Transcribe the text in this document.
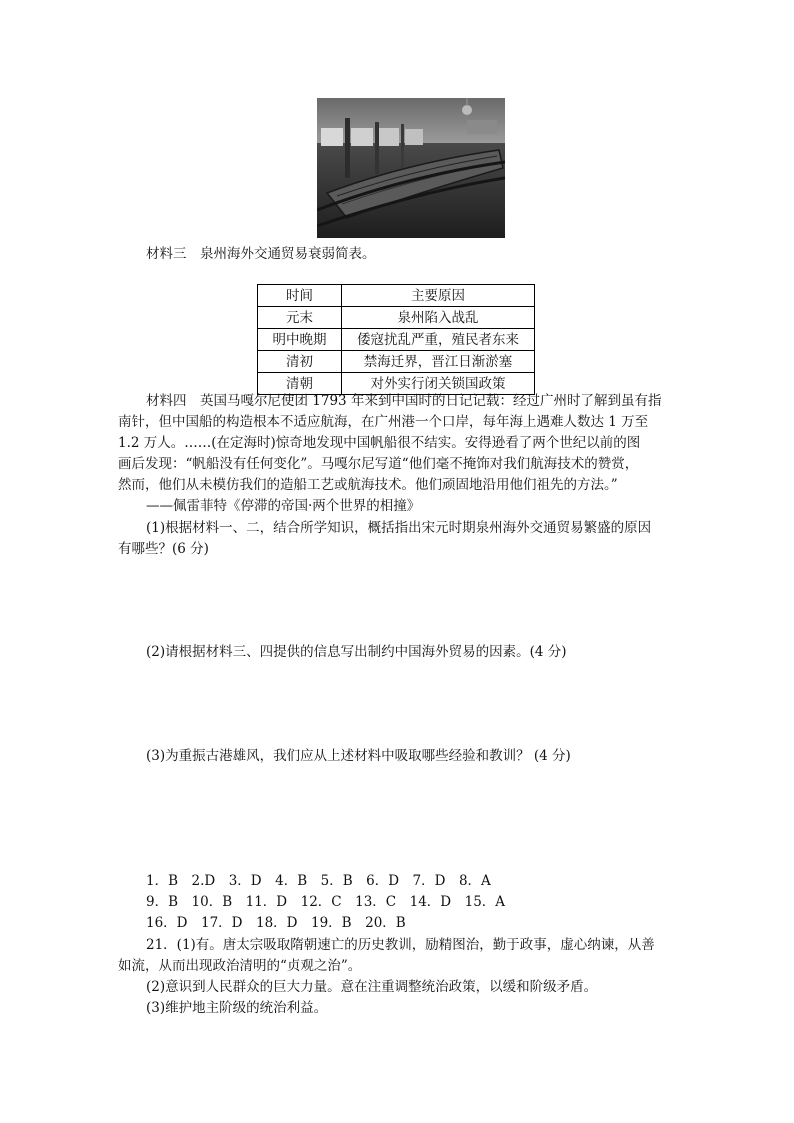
材料三　泉州海外交通贸易衰弱简表。
时间	主要原因
元末	泉州陷入战乱
明中晚期	倭寇扰乱严重，殖民者东来
清初	禁海迁界，晋江日渐淤塞
清朝	对外实行闭关锁国政策
材料四　英国马嘎尔尼使团 1793 年来到中国时的日记记载：经过广州时了解到虽有指
南针，但中国船的构造根本不适应航海，在广州港一个口岸，每年海上遇难人数达 1 万至
1.2 万人。……(在定海时)惊奇地发现中国帆船很不结实。安得逊看了两个世纪以前的图
画后发现：“帆船没有任何变化”。马嘎尔尼写道“他们毫不掩饰对我们航海技术的赞赏，
然而，他们从未模仿我们的造船工艺或航海技术。他们顽固地沿用他们祖先的方法。”
——佩雷菲特《停滞的帝国·两个世界的相撞》
(1)根据材料一、二，结合所学知识，概括指出宋元时期泉州海外交通贸易繁盛的原因
有哪些？(6 分)
(2)请根据材料三、四提供的信息写出制约中国海外贸易的因素。(4 分)
(3)为重振古港雄风，我们应从上述材料中吸取哪些经验和教训？ (4 分)
1．B　2.D　3．D　4．B　5．B　6．D　7．D　8．A
9．B　10．B　11．D　12．C　13．C　14．D　15．A
16．D　17．D　18．D　19．B　20．B
21．(1)有。唐太宗吸取隋朝速亡的历史教训，励精图治，勤于政事，虚心纳谏，从善
如流，从而出现政治清明的“贞观之治”。
(2)意识到人民群众的巨大力量。意在注重调整统治政策，以缓和阶级矛盾。
(3)维护地主阶级的统治利益。
